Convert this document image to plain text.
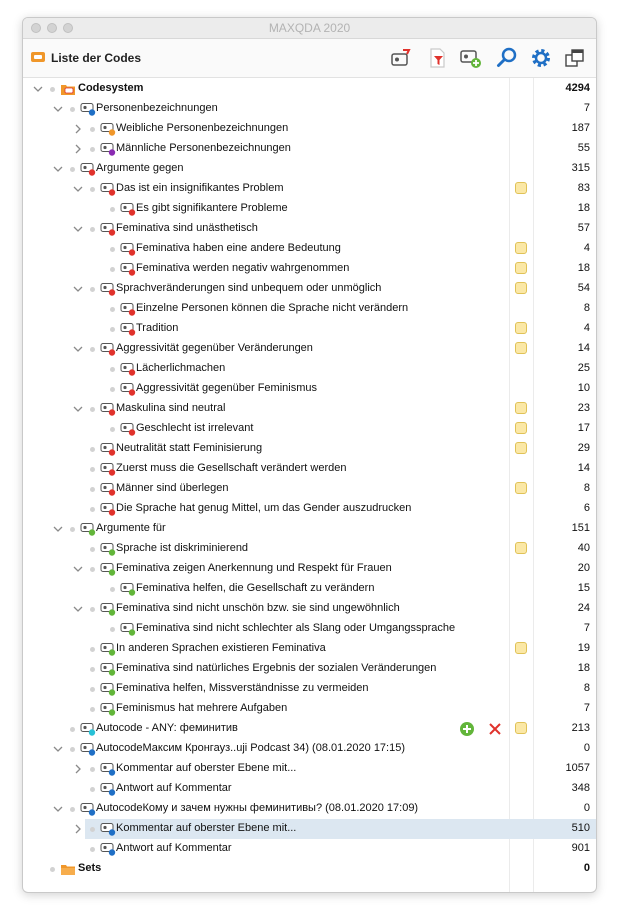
MAXQDA 2020
Liste der Codes
Codesystem	4294
Personenbezeichnungen	7
Weibliche Personenbezeichnungen	187
Männliche Personenbezeichnungen	55
Argumente gegen	315
Das ist ein insignifikantes Problem	83
Es gibt signifikantere Probleme	18
Feminativa sind unästhetisch	57
Feminativa haben eine andere Bedeutung	4
Feminativa werden negativ wahrgenommen	18
Sprachveränderungen sind unbequem oder unmöglich	54
Einzelne Personen können die Sprache nicht verändern	8
Tradition	4
Aggressivität gegenüber Veränderungen	14
Lächerlichmachen	25
Aggressivität gegenüber Feminismus	10
Maskulina sind neutral	23
Geschlecht ist irrelevant	17
Neutralität statt Feminisierung	29
Zuerst muss die Gesellschaft verändert werden	14
Männer sind überlegen	8
Die Sprache hat genug Mittel, um das Gender auszudrucken	6
Argumente für	151
Sprache ist diskriminierend	40
Feminativa zeigen Anerkennung und Respekt für Frauen	20
Feminativa helfen, die Gesellschaft zu verändern	15
Feminativa sind nicht unschön bzw. sie sind ungewöhnlich	24
Feminativa sind nicht schlechter als Slang oder Umgangssprache	7
In anderen Sprachen existieren Feminativa	19
Feminativa sind natürliches Ergebnis der sozialen Veränderungen	18
Feminativa helfen, Missverständnisse zu vermeiden	8
Feminismus hat mehrere Aufgaben	7
Autocode - ANY: феминитив	213
AutocodeМаксим Кронгауз..uji Podcast 34) (08.01.2020 17:15)	0
Kommentar auf oberster Ebene mit...	1057
Antwort auf Kommentar	348
AutocodeКому и зачем нужны феминитивы? (08.01.2020 17:09)	0
Kommentar auf oberster Ebene mit...	510
Antwort auf Kommentar	901
Sets	0
